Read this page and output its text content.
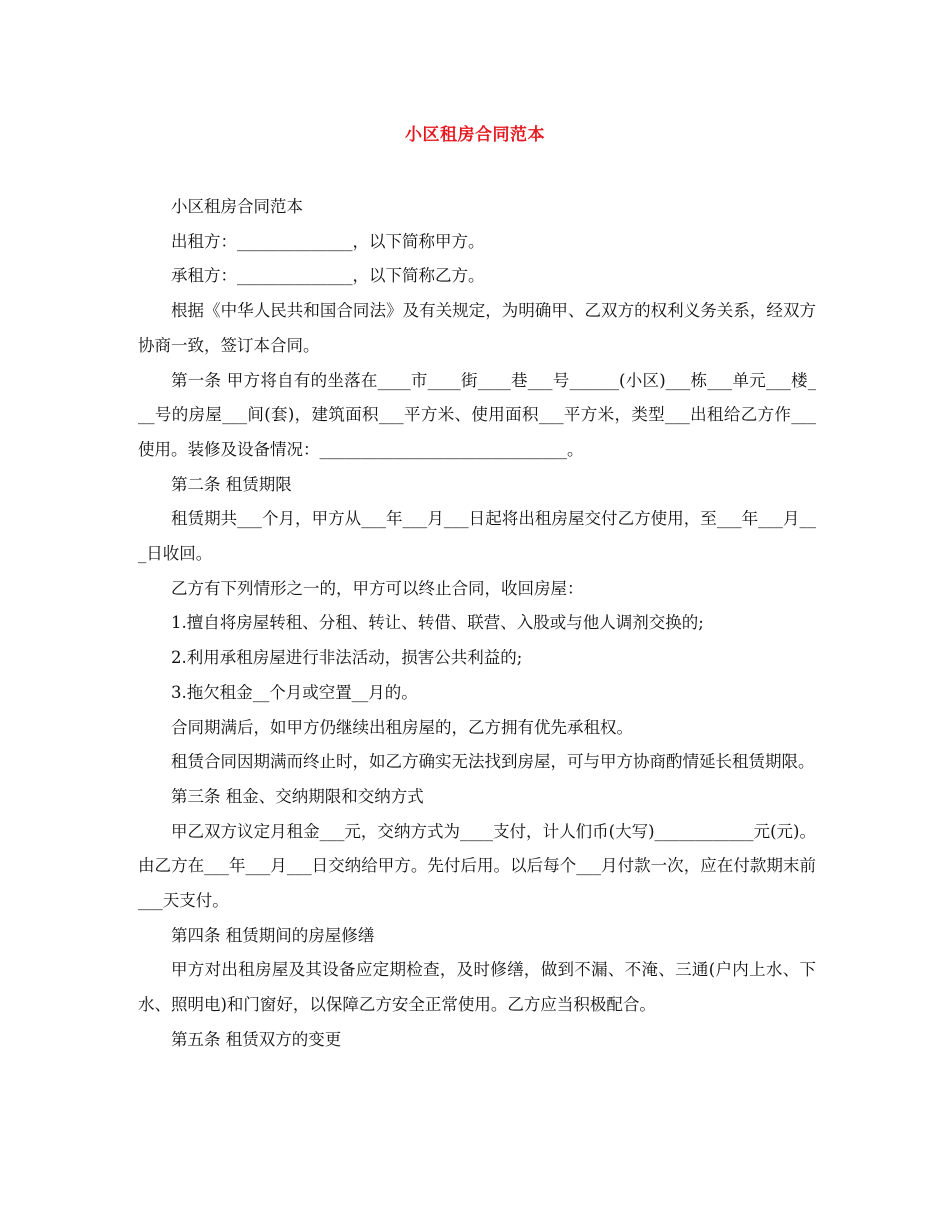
小区租房合同范本

小区租房合同范本

出租方：______________，以下简称甲方。

承租方：______________，以下简称乙方。

根据《中华人民共和国合同法》及有关规定，为明确甲、乙双方的权利义务关系，经双方协商一致，签订本合同。

第一条 甲方将自有的坐落在____市____街____巷___号______(小区)___栋___单元___楼___号的房屋___间(套)，建筑面积___平方米、使用面积___平方米，类型___出租给乙方作___使用。装修及设备情况：______________________________。

第二条 租赁期限

租赁期共___个月，甲方从___年___月___日起将出租房屋交付乙方使用，至___年___月___日收回。

乙方有下列情形之一的，甲方可以终止合同，收回房屋：

1.擅自将房屋转租、分租、转让、转借、联营、入股或与他人调剂交换的;

2.利用承租房屋进行非法活动，损害公共利益的;

3.拖欠租金__个月或空置__月的。

合同期满后，如甲方仍继续出租房屋的，乙方拥有优先承租权。

租赁合同因期满而终止时，如乙方确实无法找到房屋，可与甲方协商酌情延长租赁期限。

第三条 租金、交纳期限和交纳方式

甲乙双方议定月租金___元，交纳方式为____支付，计人们币(大写)____________元(元)。由乙方在___年___月___日交纳给甲方。先付后用。以后每个___月付款一次，应在付款期末前___天支付。

第四条 租赁期间的房屋修缮

甲方对出租房屋及其设备应定期检查，及时修缮，做到不漏、不淹、三通(户内上水、下水、照明电)和门窗好，以保障乙方安全正常使用。乙方应当积极配合。

第五条 租赁双方的变更
